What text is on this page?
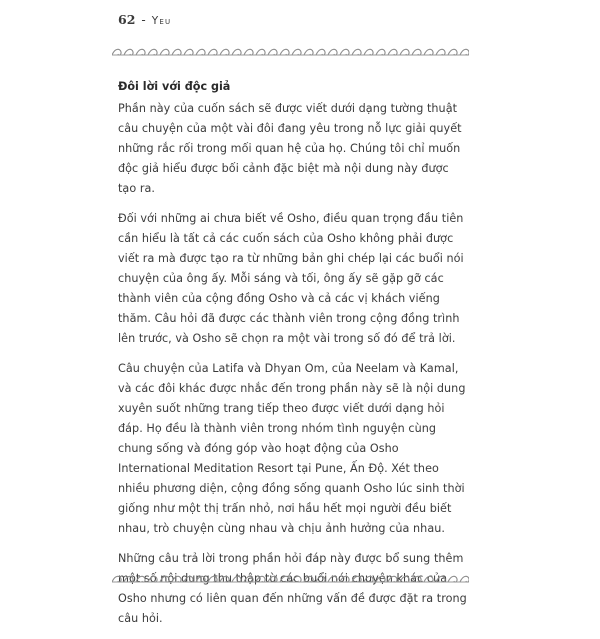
62 - Yeu
Đôi lời với độc giả

Phần này của cuốn sách sẽ được viết dưới dạng tường thuật câu chuyện của một vài đôi đang yêu trong nỗ lực giải quyết những rắc rối trong mối quan hệ của họ. Chúng tôi chỉ muốn độc giả hiểu được bối cảnh đặc biệt mà nội dung này được tạo ra.

Đối với những ai chưa biết về Osho, điều quan trọng đầu tiên cần hiểu là tất cả các cuốn sách của Osho không phải được viết ra mà được tạo ra từ những bản ghi chép lại các buổi nói chuyện của ông ấy. Mỗi sáng và tối, ông ấy sẽ gặp gỡ các thành viên của cộng đồng Osho và cả các vị khách viếng thăm. Câu hỏi đã được các thành viên trong cộng đồng trình lên trước, và Osho sẽ chọn ra một vài trong số đó để trả lời.

Câu chuyện của Latifa và Dhyan Om, của Neelam và Kamal, và các đôi khác được nhắc đến trong phần này sẽ là nội dung xuyên suốt những trang tiếp theo được viết dưới dạng hỏi đáp. Họ đều là thành viên trong nhóm tình nguyện cùng chung sống và đóng góp vào hoạt động của Osho International Meditation Resort tại Pune, Ấn Độ. Xét theo nhiều phương diện, cộng đồng sống quanh Osho lúc sinh thời giống như một thị trấn nhỏ, nơi hầu hết mọi người đều biết nhau, trò chuyện cùng nhau và chịu ảnh hưởng của nhau.

Những câu trả lời trong phần hỏi đáp này được bổ sung thêm một số nội dung thu thập từ các buổi nói chuyện khác của Osho nhưng có liên quan đến những vấn đề được đặt ra trong câu hỏi.
